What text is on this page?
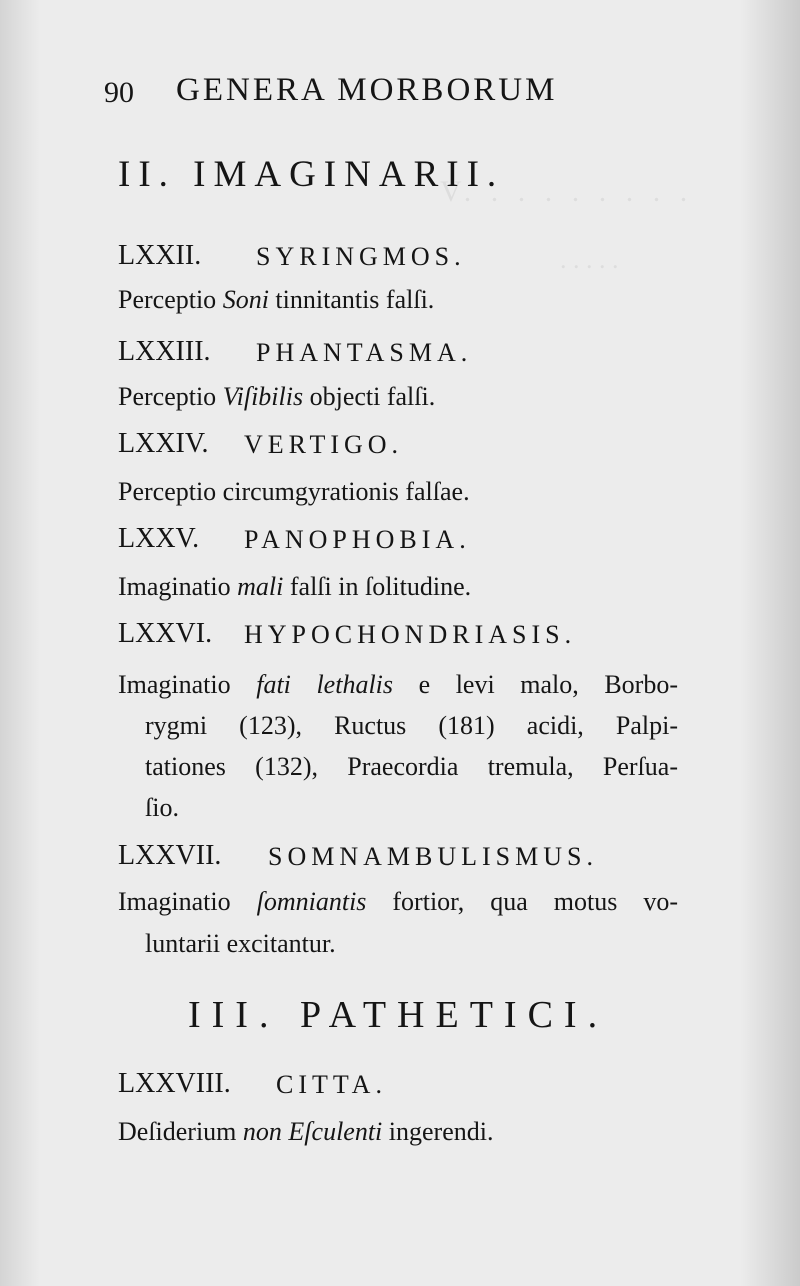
V. . . . . . . . .
. . . . .
90 GENERA MORBORUM
II. IMAGINARII.
LXXII. SYRINGMOS.
Perceptio Soni tinnitantis falſi.
LXXIII. PHANTASMA.
Perceptio Viſibilis objecti falſi.
LXXIV. VERTIGO.
Perceptio circumgyrationis falſae.
LXXV. PANOPHOBIA.
Imaginatio mali falſi in ſolitudine.
LXXVI. HYPOCHONDRIASIS.
Imaginatio fati lethalis e levi malo, Borbo-
rygmi (123), Ructus (181) acidi, Palpi-
tationes (132), Praecordia tremula, Perſua-
ſio.
LXXVII. SOMNAMBULISMUS.
Imaginatio ſomniantis fortior, qua motus vo-
luntarii excitantur.
III. PATHETICI.
LXXVIII. CITTA.
Deſiderium non Eſculenti ingerendi.
